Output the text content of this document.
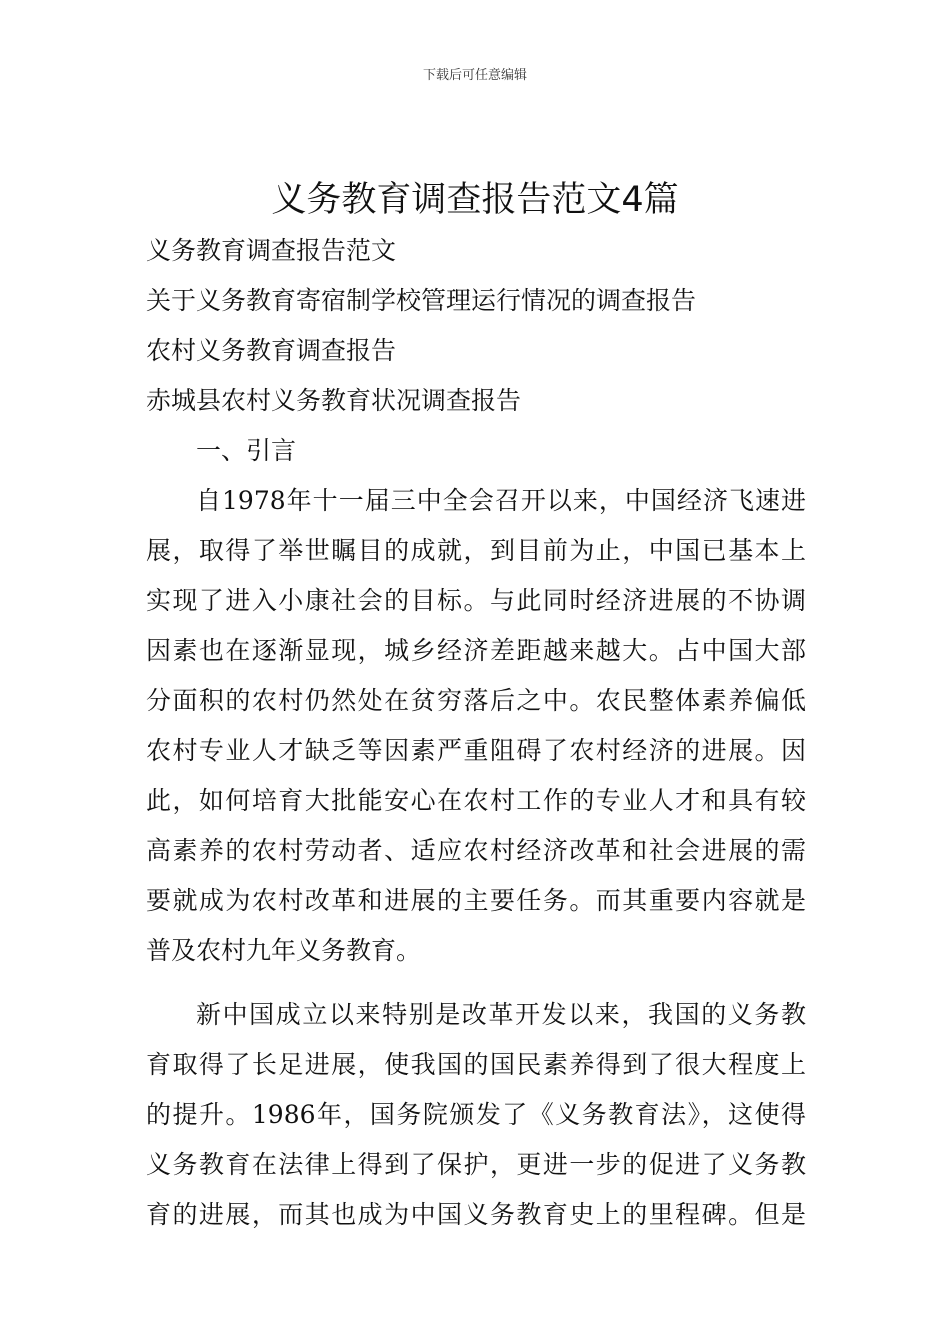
下载后可任意编辑
义务教育调查报告范文4篇
义务教育调查报告范文
关于义务教育寄宿制学校管理运行情况的调查报告
农村义务教育调查报告
赤城县农村义务教育状况调查报告
一、引言
自1978年十一届三中全会召开以来，中国经济飞速进
展，取得了举世瞩目的成就，到目前为止，中国已基本上
实现了进入小康社会的目标。与此同时经济进展的不协调
因素也在逐渐显现，城乡经济差距越来越大。占中国大部
分面积的农村仍然处在贫穷落后之中。农民整体素养偏低
农村专业人才缺乏等因素严重阻碍了农村经济的进展。因
此，如何培育大批能安心在农村工作的专业人才和具有较
高素养的农村劳动者、适应农村经济改革和社会进展的需
要就成为农村改革和进展的主要任务。而其重要内容就是
普及农村九年义务教育。
新中国成立以来特别是改革开发以来，我国的义务教
育取得了长足进展，使我国的国民素养得到了很大程度上
的提升。1986年，国务院颁发了《义务教育法》，这使得
义务教育在法律上得到了保护，更进一步的促进了义务教
育的进展，而其也成为中国义务教育史上的里程碑。但是
